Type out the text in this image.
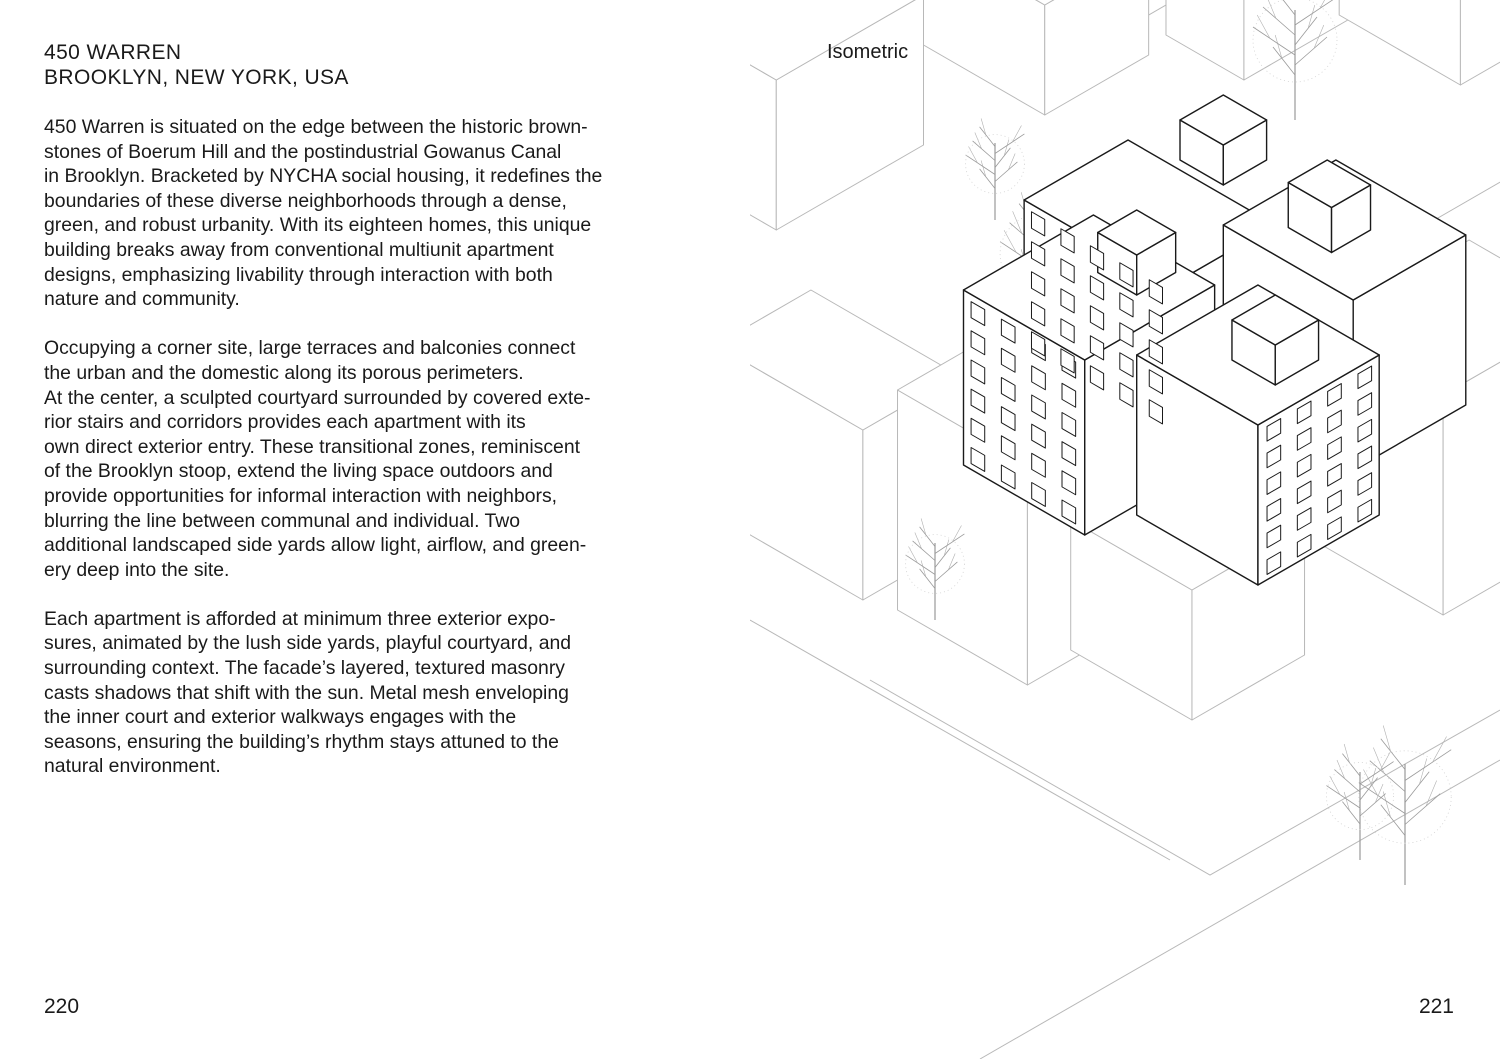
450 WARREN
BROOKLYN, NEW YORK, USA

450 Warren is situated on the edge between the historic brown-
stones of Boerum Hill and the postindustrial Gowanus Canal
in Brooklyn. Bracketed by NYCHA social housing, it redefines the
boundaries of these diverse neighborhoods through a dense,
green, and robust urbanity. With its eighteen homes, this unique
building breaks away from conventional multiunit apartment
designs, emphasizing livability through interaction with both
nature and community.

Occupying a corner site, large terraces and balconies connect
the urban and the domestic along its porous perimeters.
At the center, a sculpted courtyard surrounded by covered exte-
rior stairs and corridors provides each apartment with its
own direct exterior entry. These transitional zones, reminiscent
of the Brooklyn stoop, extend the living space outdoors and
provide opportunities for informal interaction with neighbors,
blurring the line between communal and individual. Two
additional landscaped side yards allow light, airflow, and green-
ery deep into the site.

Each apartment is afforded at minimum three exterior expo-
sures, animated by the lush side yards, playful courtyard, and
surrounding context. The facade’s layered, textured masonry
casts shadows that shift with the sun. Metal mesh enveloping
the inner court and exterior walkways engages with the
seasons, ensuring the building’s rhythm stays attuned to the
natural environment.

220
Isometric
221
